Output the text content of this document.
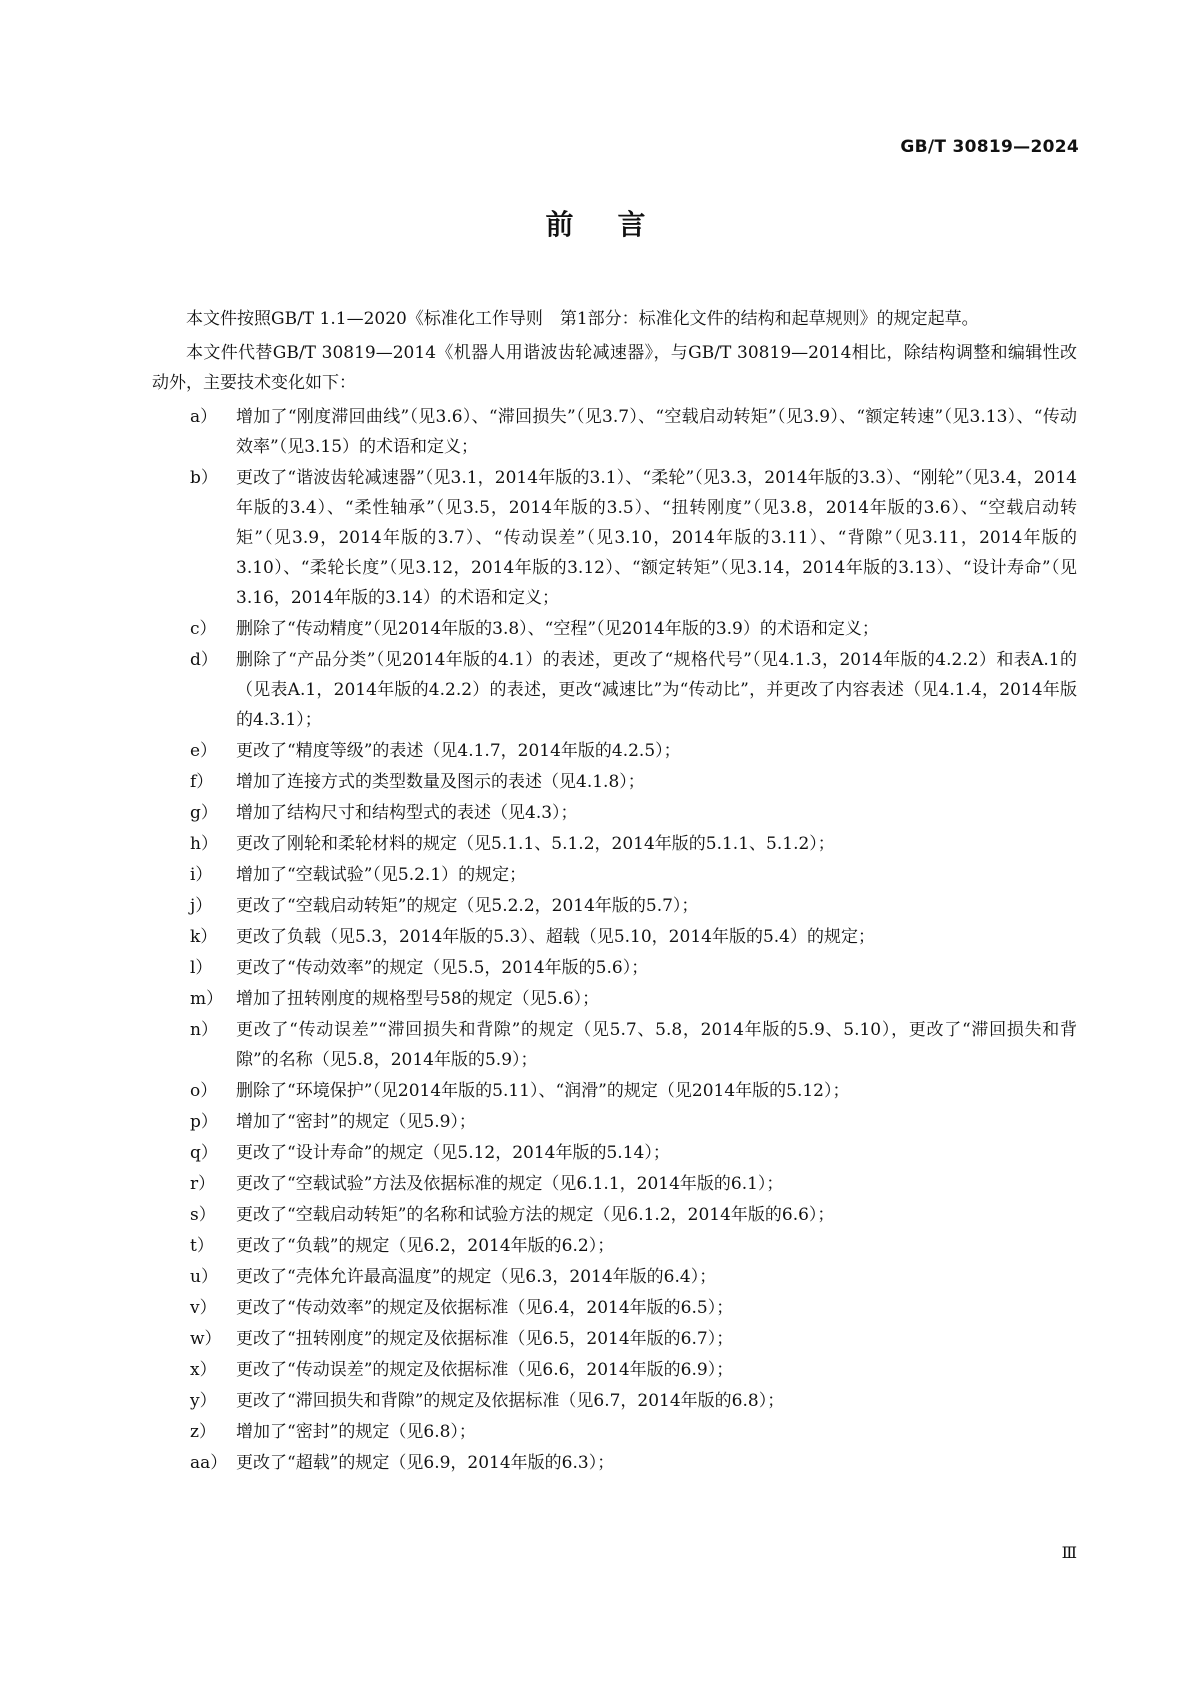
GB/T 30819—2024
前言

本文件按照GB/T 1.1—2020《标准化工作导则　第1部分：标准化文件的结构和起草规则》的规定起草。

本文件代替GB/T 30819—2014《机器人用谐波齿轮减速器》，与GB/T 30819—2014相比，除结构调整和编辑性改动外，主要技术变化如下：

a） 增加了“刚度滞回曲线”（见3.6）、“滞回损失”（见3.7）、“空载启动转矩”（见3.9）、“额定转速”（见3.13）、“传动效率”（见3.15）的术语和定义；
b） 更改了“谐波齿轮减速器”（见3.1，2014年版的3.1）、“柔轮”（见3.3，2014年版的3.3）、“刚轮”（见3.4，2014年版的3.4）、“柔性轴承”（见3.5，2014年版的3.5）、“扭转刚度”（见3.8，2014年版的3.6）、“空载启动转矩”（见3.9，2014年版的3.7）、“传动误差”（见3.10，2014年版的3.11）、“背隙”（见3.11，2014年版的3.10）、“柔轮长度”（见3.12，2014年版的3.12）、“额定转矩”（见3.14，2014年版的3.13）、“设计寿命”（见3.16，2014年版的3.14）的术语和定义；
c） 删除了“传动精度”（见2014年版的3.8）、“空程”（见2014年版的3.9）的术语和定义；
d） 删除了“产品分类”（见2014年版的4.1）的表述，更改了“规格代号”（见4.1.3，2014年版的4.2.2）和表A.1的（见表A.1，2014年版的4.2.2）的表述，更改“减速比”为“传动比”，并更改了内容表述（见4.1.4，2014年版的4.3.1）；
e） 更改了“精度等级”的表述（见4.1.7，2014年版的4.2.5）；
f） 增加了连接方式的类型数量及图示的表述（见4.1.8）；
g） 增加了结构尺寸和结构型式的表述（见4.3）；
h） 更改了刚轮和柔轮材料的规定（见5.1.1、5.1.2，2014年版的5.1.1、5.1.2）；
i） 增加了“空载试验”（见5.2.1）的规定；
j） 更改了“空载启动转矩”的规定（见5.2.2，2014年版的5.7）；
k） 更改了负载（见5.3，2014年版的5.3）、超载（见5.10，2014年版的5.4）的规定；
l） 更改了“传动效率”的规定（见5.5，2014年版的5.6）；
m） 增加了扭转刚度的规格型号58的规定（见5.6）；
n） 更改了“传动误差”“滞回损失和背隙”的规定（见5.7、5.8，2014年版的5.9、5.10），更改了“滞回损失和背隙”的名称（见5.8，2014年版的5.9）；
o） 删除了“环境保护”（见2014年版的5.11）、“润滑”的规定（见2014年版的5.12）；
p） 增加了“密封”的规定（见5.9）；
q） 更改了“设计寿命”的规定（见5.12，2014年版的5.14）；
r） 更改了“空载试验”方法及依据标准的规定（见6.1.1，2014年版的6.1）；
s） 更改了“空载启动转矩”的名称和试验方法的规定（见6.1.2，2014年版的6.6）；
t） 更改了“负载”的规定（见6.2，2014年版的6.2）；
u） 更改了“壳体允许最高温度”的规定（见6.3，2014年版的6.4）；
v） 更改了“传动效率”的规定及依据标准（见6.4，2014年版的6.5）；
w） 更改了“扭转刚度”的规定及依据标准（见6.5，2014年版的6.7）；
x） 更改了“传动误差”的规定及依据标准（见6.6，2014年版的6.9）；
y） 更改了“滞回损失和背隙”的规定及依据标准（见6.7，2014年版的6.8）；
z） 增加了“密封”的规定（见6.8）；
aa） 更改了“超载”的规定（见6.9，2014年版的6.3）；
Ⅲ
